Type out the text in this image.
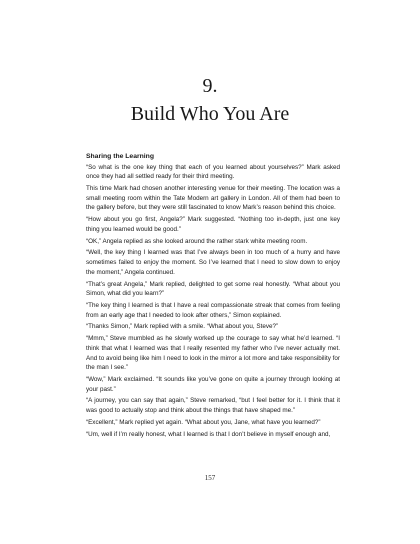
9.
Build Who You Are
Sharing the Learning

“So what is the one key thing that each of you learned about yourselves?” Mark asked once they had all settled ready for their third meeting.

This time Mark had chosen another interesting venue for their meeting. The location was a small meeting room within the Tate Modern art gallery in London. All of them had been to the gallery before, but they were still fascinated to know Mark’s reason behind this choice.

“How about you go first, Angela?” Mark suggested. “Nothing too in-depth, just one key thing you learned would be good.”

“OK,” Angela replied as she looked around the rather stark white meeting room.

“Well, the key thing I learned was that I’ve always been in too much of a hurry and have sometimes failed to enjoy the moment. So I’ve learned that I need to slow down to enjoy the moment,” Angela continued.

“That’s great Angela,” Mark replied, delighted to get some real honestly. “What about you Simon, what did you learn?”

“The key thing I learned is that I have a real compassionate streak that comes from feeling from an early age that I needed to look after others,” Simon explained.

“Thanks Simon,” Mark replied with a smile. “What about you, Steve?”

“Mmm,” Steve mumbled as he slowly worked up the courage to say what he’d learned. “I think that what I learned was that I really resented my father who I’ve never actually met. And to avoid being like him I need to look in the mirror a lot more and take responsibility for the man I see.”

“Wow,” Mark exclaimed. “It sounds like you’ve gone on quite a journey through looking at your past.”

“A journey, you can say that again,” Steve remarked, “but I feel better for it. I think that it was good to actually stop and think about the things that have shaped me.”

“Excellent,” Mark replied yet again. “What about you, Jane, what have you learned?”

“Um, well if I’m really honest, what I learned is that I don’t believe in myself enough and,

157
